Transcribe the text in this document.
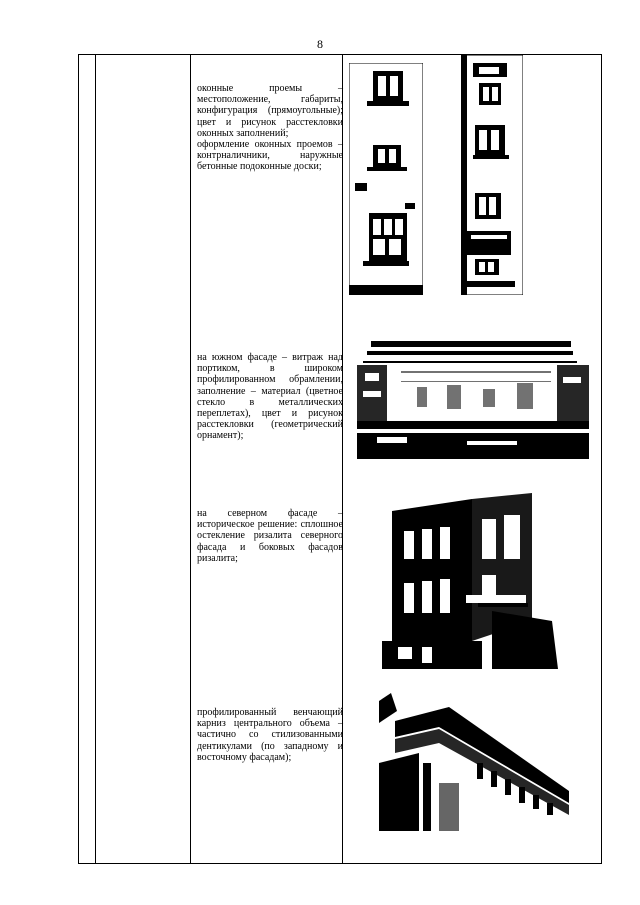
8
оконные проемы – местоположение, габариты, конфигурация (прямоугольные); цвет и рисунок расстекловки оконных заполнений;
оформление оконных проемов – контрналичники, наружные бетонные подоконные доски;
на южном фасаде – витраж над портиком, в широком профилированном обрамлении, заполнение – материал (цветное стекло в металлических переплетах), цвет и рисунок расстекловки (геометрический орнамент);
на северном фасаде – историческое решение: сплошное остекление ризалита северного фасада и боковых фасадов ризалита;
профилированный венчающий карниз центрального объема – частично со стилизованными дентикулами (по западному и восточному фасадам);
